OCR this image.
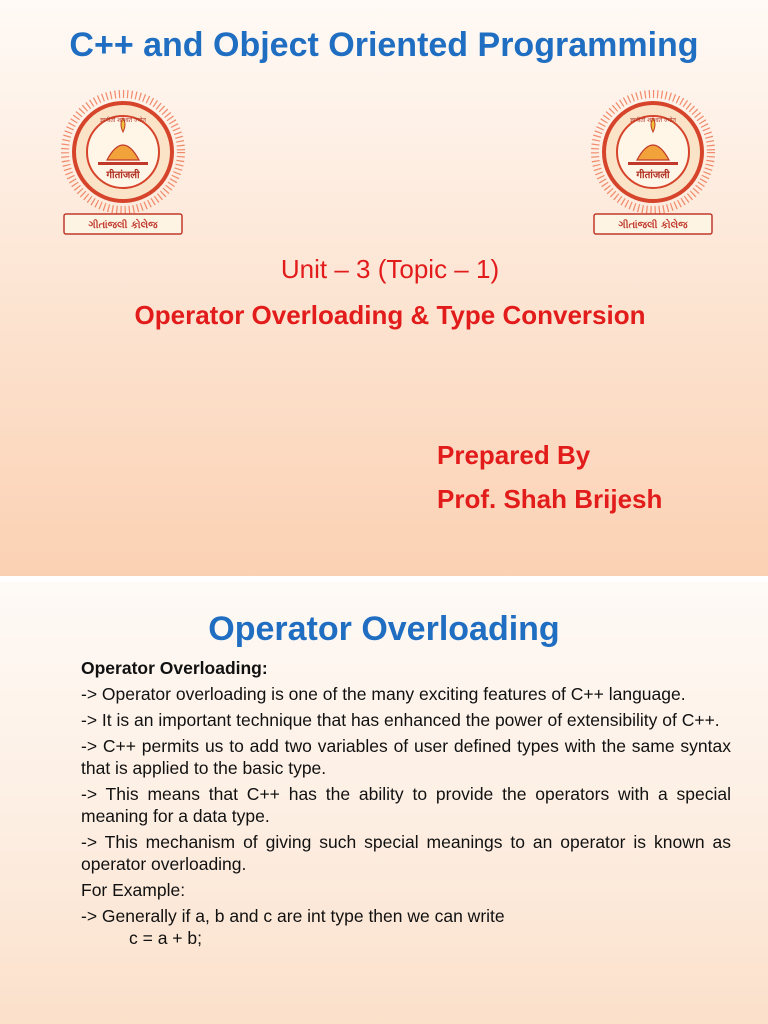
C++ and Object Oriented Programming
गीतांजली
ज्ञानीतो शाश्वत ज्योत
ગીતાંજલી કોલેજ
गीतांजली
ज्ञानीतो शाश्वत ज्योत
ગીતાંજલી કોલેજ
Unit – 3 (Topic – 1)
Operator Overloading & Type Conversion
Prepared By
Prof. Shah Brijesh
Operator Overloading
Operator Overloading:
-> Operator overloading is one of the many exciting features of C++ language.
-> It is an important technique that has enhanced the power of extensibility of C++.
-> C++ permits us to add two variables of user defined types with the same syntax that is applied to the basic type.
-> This means that C++ has the ability to provide the operators with a special meaning for a data type.
-> This mechanism of giving such special meanings to an operator is known as operator overloading.
For Example:
-> Generally if a, b and c are int type then we can write
c = a + b;
